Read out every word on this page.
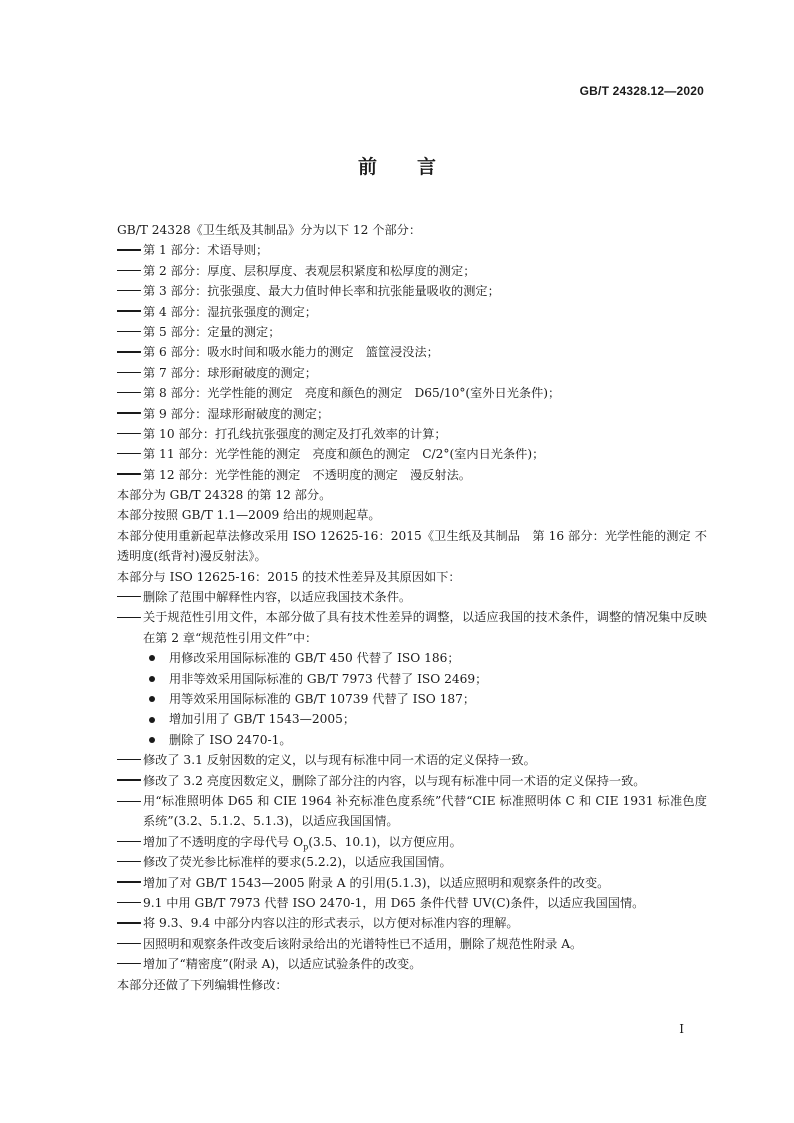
GB/T 24328.12—2020
前 言
GB/T 24328《卫生纸及其制品》分为以下 12 个部分：
第 1 部分：术语导则；
第 2 部分：厚度、层积厚度、表观层积紧度和松厚度的测定；
第 3 部分：抗张强度、最大力值时伸长率和抗张能量吸收的测定；
第 4 部分：湿抗张强度的测定；
第 5 部分：定量的测定；
第 6 部分：吸水时间和吸水能力的测定　篮筐浸没法；
第 7 部分：球形耐破度的测定；
第 8 部分：光学性能的测定　亮度和颜色的测定　D65/10°(室外日光条件)；
第 9 部分：湿球形耐破度的测定；
第 10 部分：打孔线抗张强度的测定及打孔效率的计算；
第 11 部分：光学性能的测定　亮度和颜色的测定　C/2°(室内日光条件)；
第 12 部分：光学性能的测定　不透明度的测定　漫反射法。
本部分为 GB/T 24328 的第 12 部分。
本部分按照 GB/T 1.1—2009 给出的规则起草。
本部分使用重新起草法修改采用 ISO 12625-16：2015《卫生纸及其制品　第 16 部分：光学性能的测定 不透明度(纸背衬)漫反射法》。
本部分与 ISO 12625-16：2015 的技术性差异及其原因如下：
删除了范围中解释性内容，以适应我国技术条件。
关于规范性引用文件，本部分做了具有技术性差异的调整，以适应我国的技术条件，调整的情况集中反映在第 2 章“规范性引用文件”中：
用修改采用国际标准的 GB/T 450 代替了 ISO 186；
用非等效采用国际标准的 GB/T 7973 代替了 ISO 2469；
用等效采用国际标准的 GB/T 10739 代替了 ISO 187；
增加引用了 GB/T 1543—2005；
删除了 ISO 2470-1。
修改了 3.1 反射因数的定义，以与现有标准中同一术语的定义保持一致。
修改了 3.2 亮度因数定义，删除了部分注的内容，以与现有标准中同一术语的定义保持一致。
用“标准照明体 D65 和 CIE 1964 补充标准色度系统”代替“CIE 标准照明体 C 和 CIE 1931 标准色度系统”(3.2、5.1.2、5.1.3)，以适应我国国情。
增加了不透明度的字母代号 $O_p(3.5$、10.1)，以方便应用。
修改了荧光参比标准样的要求(5.2.2)，以适应我国国情。
增加了对 GB/T 1543—2005 附录 A 的引用(5.1.3)，以适应照明和观察条件的改变。
9.1 中用 GB/T 7973 代替 ISO 2470-1，用 D65 条件代替 UV(C)条件，以适应我国国情。
将 9.3、9.4 中部分内容以注的形式表示，以方便对标准内容的理解。
因照明和观察条件改变后该附录给出的光谱特性已不适用，删除了规范性附录 A。
增加了“精密度”(附录 A)，以适应试验条件的改变。
本部分还做了下列编辑性修改：
I
